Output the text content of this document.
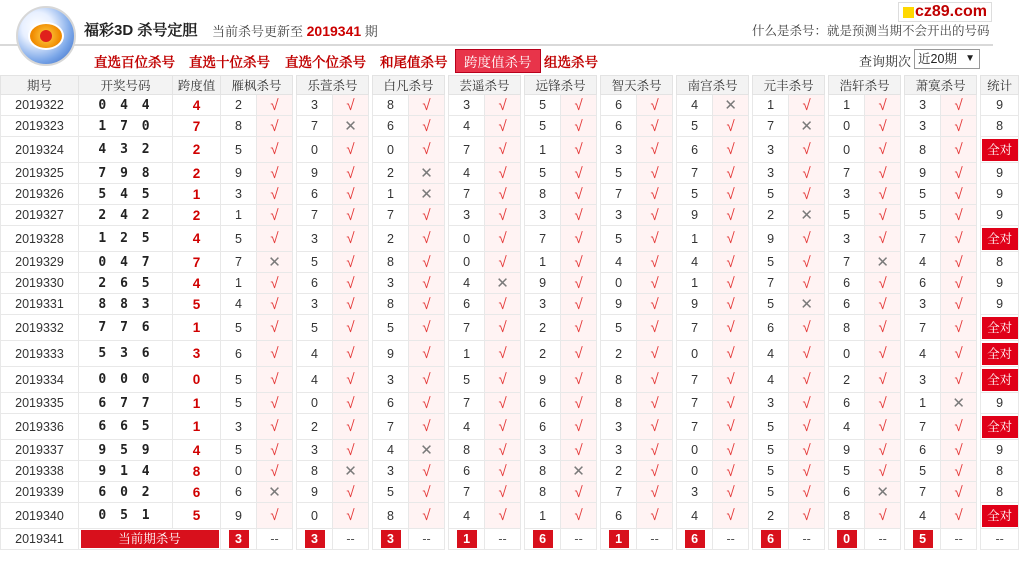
福彩3D 杀号定胆 当前杀号更新至 2019341 期	什么是杀号：就是预测当期不会开出的号码
cz89.com
直选百位杀号 直选十位杀号 直选个位杀号 和尾值杀号	跨度值杀号 组选杀号	查询期次 近20期 ▼
期号	开奖号码	跨度值	雁枫杀号			乐萱杀号			白凡杀号			芸遥杀号			远锋杀号			智天杀号			南宫杀号			元丰杀号			浩轩杀号			萧寞杀号			统计
2019322	0 4 4	4	2	√		3	√		8	√		3	√		5	√		6	√		4	✕		1	√		1	√		3	√		9
2019323	1 7 0	7	8	√		7	✕		6	√		4	√		5	√		6	√		5	√		7	✕		0	√		3	√		8
2019324	4 3 2	2	5	√		0	√		0	√		7	√		1	√		3	√		6	√		3	√		0	√		8	√		全对
2019325	7 9 8	2	9	√		9	√		2	✕		4	√		5	√		5	√		7	√		3	√		7	√		9	√		9
2019326	5 4 5	1	3	√		6	√		1	✕		7	√		8	√		7	√		5	√		5	√		3	√		5	√		9
2019327	2 4 2	2	1	√		7	√		7	√		3	√		3	√		3	√		9	√		2	✕		5	√		5	√		9
2019328	1 2 5	4	5	√		3	√		2	√		0	√		7	√		5	√		1	√		9	√		3	√		7	√		全对
2019329	0 4 7	7	7	✕		5	√		8	√		0	√		1	√		4	√		4	√		5	√		7	✕		4	√		8
2019330	2 6 5	4	1	√		6	√		3	√		4	✕		9	√		0	√		1	√		7	√		6	√		6	√		9
2019331	8 8 3	5	4	√		3	√		8	√		6	√		3	√		9	√		9	√		5	✕		6	√		3	√		9
2019332	7 7 6	1	5	√		5	√		5	√		7	√		2	√		5	√		7	√		6	√		8	√		7	√		全对
2019333	5 3 6	3	6	√		4	√		9	√		1	√		2	√		2	√		0	√		4	√		0	√		4	√		全对
2019334	0 0 0	0	5	√		4	√		3	√		5	√		9	√		8	√		7	√		4	√		2	√		3	√		全对
2019335	6 7 7	1	5	√		0	√		6	√		7	√		6	√		8	√		7	√		3	√		6	√		1	✕		9
2019336	6 6 5	1	3	√		2	√		7	√		4	√		6	√		3	√		7	√		5	√		4	√		7	√		全对
2019337	9 5 9	4	5	√		3	√		4	✕		8	√		3	√		3	√		0	√		5	√		9	√		6	√		9
2019338	9 1 4	8	0	√		8	✕		3	√		6	√		8	✕		2	√		0	√		5	√		5	√		5	√		8
2019339	6 0 2	6	6	✕		9	√		5	√		7	√		8	√		7	√		3	√		5	√		6	✕		7	√		8
2019340	0 5 1	5	9	√		0	√		8	√		4	√		1	√		6	√		4	√		2	√		8	√		4	√		全对
2019341	当前期杀号		3	--		3	--		3	--		1	--		6	--		1	--		6	--		6	--		0	--		5	--		--
